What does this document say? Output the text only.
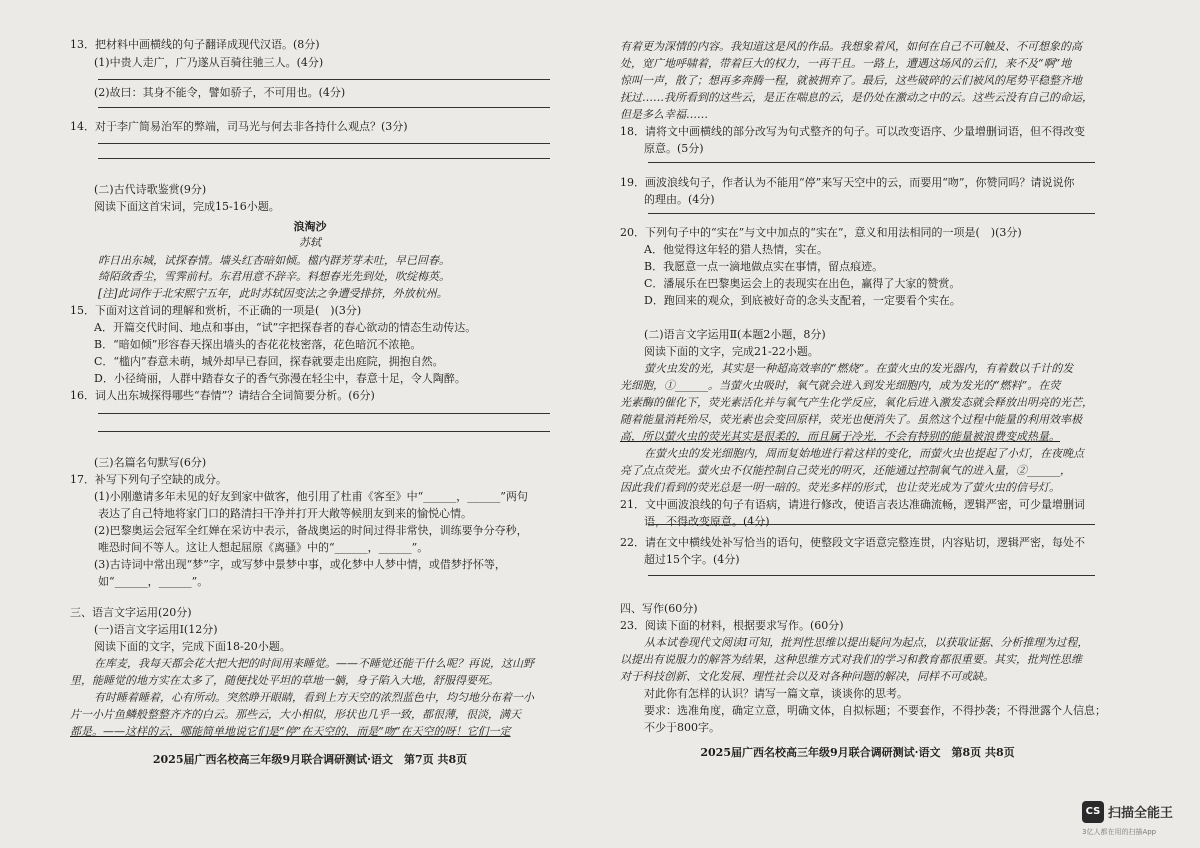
13．把材料中画横线的句子翻译成现代汉语。(8分)
(1)中贵人走广，广乃遂从百骑往驰三人。(4分)
(2)故曰：其身不能令，譬如骄子，不可用也。(4分)
14．对于李广简易治军的弊端，司马光与何去非各持什么观点？(3分)
(二)古代诗歌鉴赏(9分)
阅读下面这首宋词，完成15-16小题。
浪淘沙
苏轼
昨日出东城，试探春情。墙头红杏暗如倾。槛内群芳芽未吐，早已回春。
绮陌敛香尘，雪霁前村。东君用意不辞辛。料想春光先到处，吹绽梅英。
[注]此词作于北宋熙宁五年，此时苏轼因变法之争遭受排挤，外放杭州。
15．下面对这首词的理解和赏析，不正确的一项是(　)(3分)
A．开篇交代时间、地点和事由，“试”字把探春者的春心欲动的情态生动传达。
B．“暗如倾”形容春天探出墙头的杏花花枝密落，花色暗沉不浓艳。
C．“槛内”春意未萌，城外却早已春回，探春就要走出庭院，拥抱自然。
D．小径绮丽，人群中踏春女子的香气弥漫在轻尘中，春意十足，令人陶醉。
16．词人出东城探得哪些“春情”？请结合全词简要分析。(6分)
(三)名篇名句默写(6分)
17．补写下列句子空缺的成分。
(1)小刚邀请多年未见的好友到家中做客，他引用了杜甫《客至》中“______，______”两句
表达了自己特地将家门口的路清扫干净并打开大敞等候朋友到来的愉悦心情。
(2)巴黎奥运会冠军全红婵在采访中表示，备战奥运的时间过得非常快，训练要争分夺秒，
唯恐时间不等人。这让人想起屈原《离骚》中的“______，______”。
(3)古诗词中常出现“梦”字，或写梦中景梦中事，或化梦中人梦中情，或借梦抒怀等，
如“______，______”。
三、语言文字运用(20分)
(一)语言文字运用Ⅰ(12分)
阅读下面的文字，完成下面18-20小题。
在库麦，我每天都会花大把大把的时间用来睡觉。——不睡觉还能干什么呢？再说，这山野
里，能睡觉的地方实在太多了，随便找处平坦的草地一躺，身子陷入大地，舒服得要死。
有时睡着睡着，心有所动。突然睁开眼睛，看到上方天空的浓烈蓝色中，均匀地分布着一小
片一小片鱼鳞般整整齐齐的白云。那些云，大小相似，形状也几乎一致，都很薄，很淡，满天
都是。——这样的云，哪能简单地说它们是“停”在天空的，而是“吻”在天空的呀！它们一定
2025届广西名校高三年级9月联合调研测试·语文　第7页 共8页
有着更为深情的内容。我知道这是风的作品。我想象着风，如何在自己不可触及、不可想象的高
处，宽广地呼啸着，带着巨大的权力，一再干且。一路上，遭遇这场风的云们，来不及“啊”地
惊叫一声，散了；想再多奔腾一程，就被拥弃了。最后，这些破碎的云们被风的尾势平稳整齐地
抚过……我所看到的这些云，是正在喘息的云，是仍处在激动之中的云。这些云没有自己的命运，
但是多么幸福……
18．请将文中画横线的部分改写为句式整齐的句子。可以改变语序、少量增删词语，但不得改变
原意。(5分)
19．画波浪线句子，作者认为不能用“停”来写天空中的云，而要用“吻”，你赞同吗？请说说你
的理由。(4分)
20．下列句子中的“实在”与文中加点的“实在”，意义和用法相同的一项是(　)(3分)
A．他觉得这年轻的猎人热情，实在。
B．我愿意一点一滴地做点实在事情，留点痕迹。
C．潘展乐在巴黎奥运会上的表现实在出色，赢得了大家的赞赏。
D．跑回来的观众，到底被好奇的念头支配着，一定要看个实在。
(二)语言文字运用Ⅱ(本题2小题，8分)
阅读下面的文字，完成21-22小题。
萤火虫发的光，其实是一种超高效率的“燃烧”。在萤火虫的发光器内，有着数以千计的发
光细胞，①______。当萤火虫吸时，氧气就会进入到发光细胞内，成为发光的“燃料”。在荧
光素酶的催化下，荧光素活化并与氧气产生化学反应，氧化后进入激发态就会释放出明亮的光芒，
随着能量消耗殆尽，荧光素也会变回原样，荧光也便消失了。虽然这个过程中能量的利用效率极
高，所以萤火虫的荧光其实是很柔的，而且属于冷光，不会有特别的能量被浪费变成热量。
在萤火虫的发光细胞内，周而复始地进行着这样的变化，而萤火虫也提起了小灯，在夜晚点
亮了点点荧光。萤火虫不仅能控制自己荧光的明灭，还能通过控制氧气的进入量，②______，
因此我们看到的荧光总是一明一暗的。荧光多样的形式，也让荧光成为了萤火虫的信号灯。
21．文中画波浪线的句子有语病，请进行修改，使语言表达准确流畅，逻辑严密，可少量增删词
语，不得改变原意。(4分)
22．请在文中横线处补写恰当的语句，使整段文字语意完整连贯，内容贴切，逻辑严密，每处不
超过15个字。(4分)
四、写作(60分)
23．阅读下面的材料，根据要求写作。(60分)
从本试卷现代文阅读Ⅰ可知，批判性思维以提出疑问为起点，以获取证据、分析推理为过程，
以提出有说服力的解答为结果，这种思维方式对我们的学习和教育都很重要。其实，批判性思维
对于科技创新、文化发展、理性社会以及对各种问题的解决，同样不可或缺。
对此你有怎样的认识？请写一篇文章，谈谈你的思考。
要求：选准角度，确定立意，明确文体，自拟标题；不要套作，不得抄袭；不得泄露个人信息；
不少于800字。
2025届广西名校高三年级9月联合调研测试·语文　第8页 共8页
CS 扫描全能王
3亿人都在用的扫描App
